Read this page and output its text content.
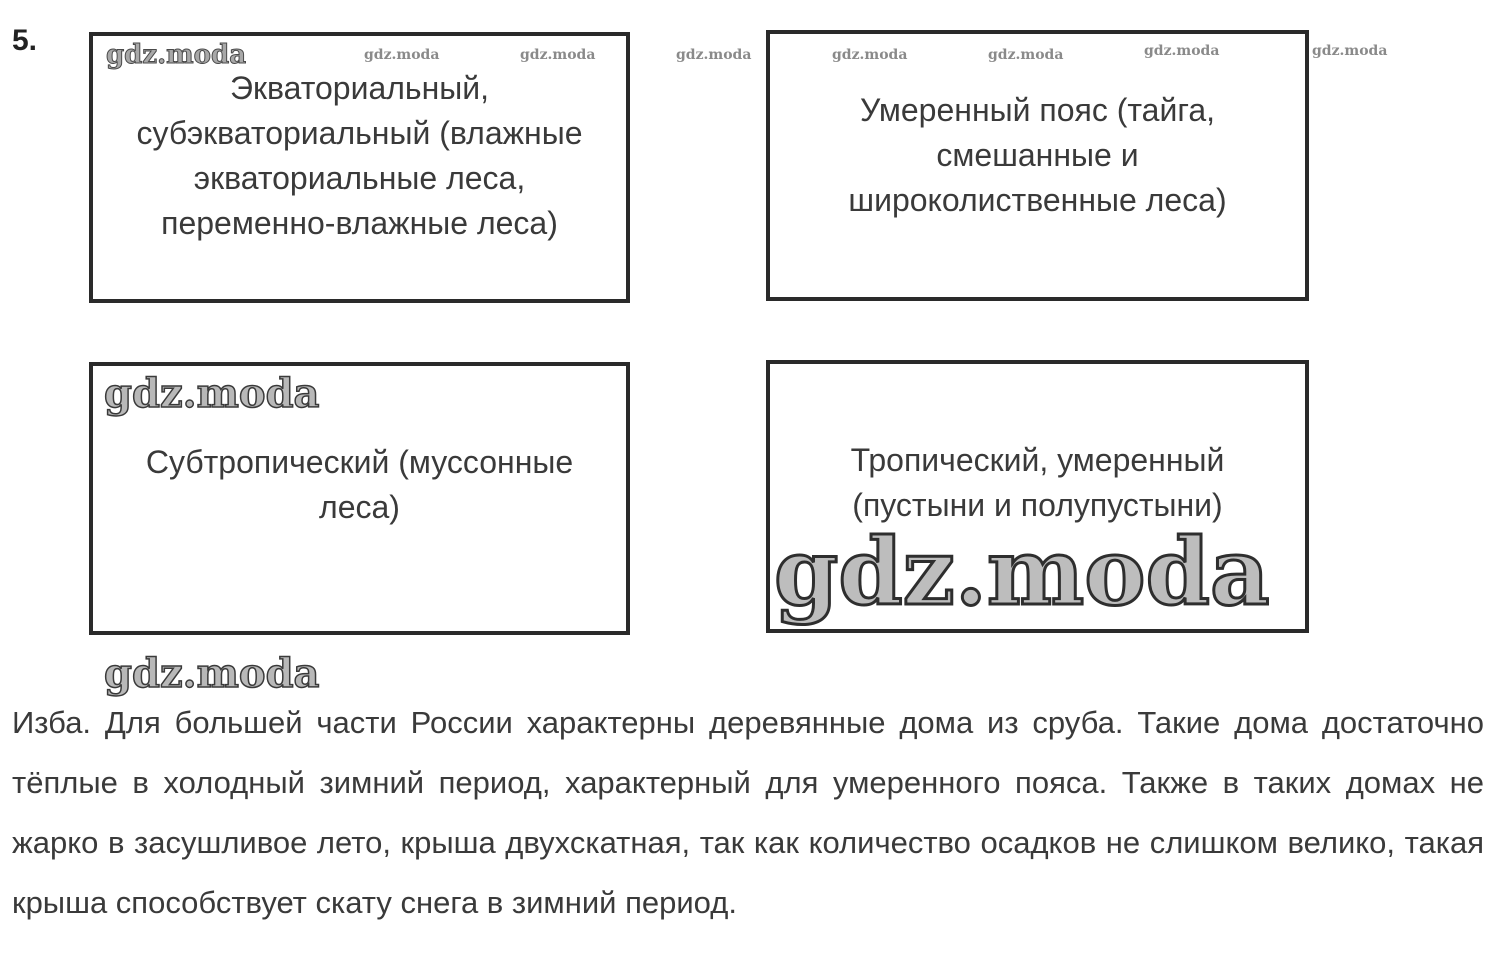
5.
Экваториальный,
субэкваториальный (влажные
экваториальные леса,
переменно-влажные леса)
Умеренный пояс (тайга,
смешанные и
широколиственные леса)
Субтропический (муссонные
леса)
Тропический, умеренный
(пустыни и полупустыни)
Изба. Для большей части России характерны деревянные дома из сруба. Такие дома достаточно тёплые в холодный зимний период, характерный для умеренного пояса. Также в таких домах не жарко в засушливое лето, крыша двухскатная, так как количество осадков не слишком велико, такая крыша способствует скату снега в зимний период.
gdz.moda	gdz.moda	gdz.moda	gdz.moda	gdz.moda	gdz.moda	gdz.moda	gdz.moda
gdz.moda
gdz.moda
gdz.moda
